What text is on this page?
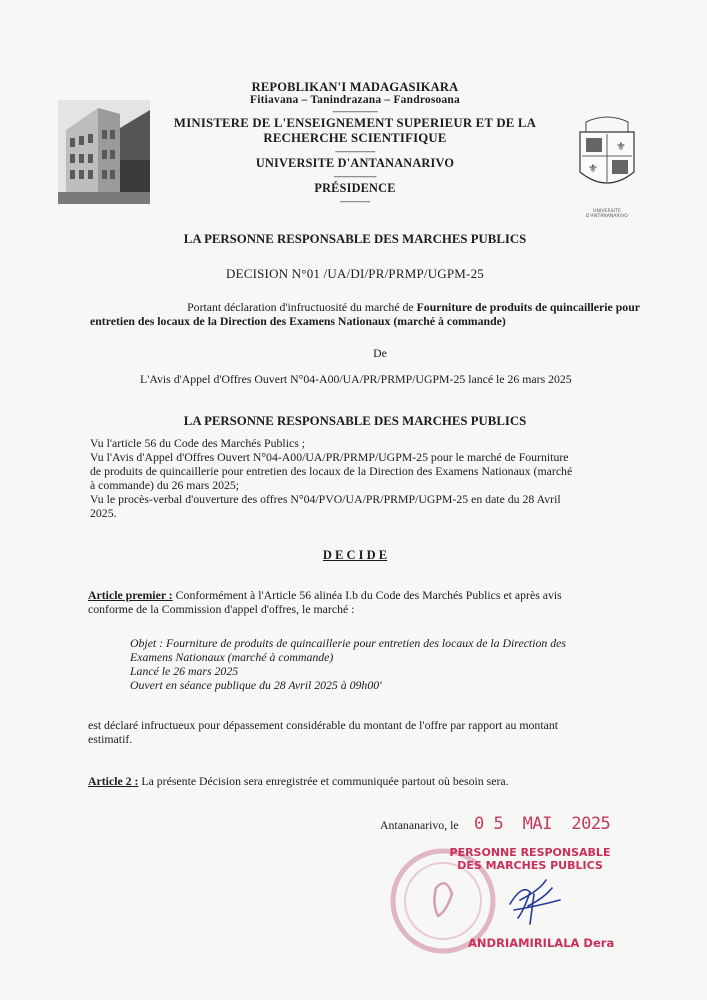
⚜
⚜
UNIVERSITE D'ANTANANARIVO
REPOBLIKAN'I MADAGASIKARA
Fitiavana – Tanindrazana – Fandrosoana
------------------
MINISTERE DE L'ENSEIGNEMENT SUPERIEUR ET DE LA
RECHERCHE SCIENTIFIQUE
----------------
UNIVERSITE D'ANTANANARIVO
-----------------
PRÉSIDENCE
------------
LA PERSONNE RESPONSABLE DES MARCHES PUBLICS
DECISION N°01 /UA/DI/PR/PRMP/UGPM-25
Portant déclaration d'infructuosité du marché de Fourniture de produits de quincaillerie pour
entretien des locaux de la Direction des Examens Nationaux (marché à commande)
De
L'Avis d'Appel d'Offres Ouvert N°04-A00/UA/PR/PRMP/UGPM-25 lancé le 26 mars 2025
LA PERSONNE RESPONSABLE DES MARCHES PUBLICS
Vu l'article 56 du Code des Marchés Publics ;
Vu l'Avis d'Appel d'Offres Ouvert N°04-A00/UA/PR/PRMP/UGPM-25 pour le marché de Fourniture
de produits de quincaillerie pour entretien des locaux de la Direction des Examens Nationaux (marché
à commande) du 26 mars 2025;
Vu le procès-verbal d'ouverture des offres N°04/PVO/UA/PR/PRMP/UGPM-25 en date du 28 Avril
2025.
D E C I D E
Article premier : Conformément à l'Article 56 alinéa I.b du Code des Marchés Publics et après avis
conforme de la Commission d'appel d'offres, le marché :
Objet : Fourniture de produits de quincaillerie pour entretien des locaux de la Direction des
Examens Nationaux (marché à commande)
Lancé le 26 mars 2025
Ouvert en séance publique du 28 Avril 2025 à 09h00'
est déclaré infructueux pour dépassement considérable du montant de l'offre par rapport au montant
estimatif.
Article 2 : La présente Décision sera enregistrée et communiquée partout où besoin sera.
Antananarivo, le 0 5  MAI  2025
PERSONNE RESPONSABLE
DES MARCHES PUBLICS
ANDRIAMIRILALA Dera
